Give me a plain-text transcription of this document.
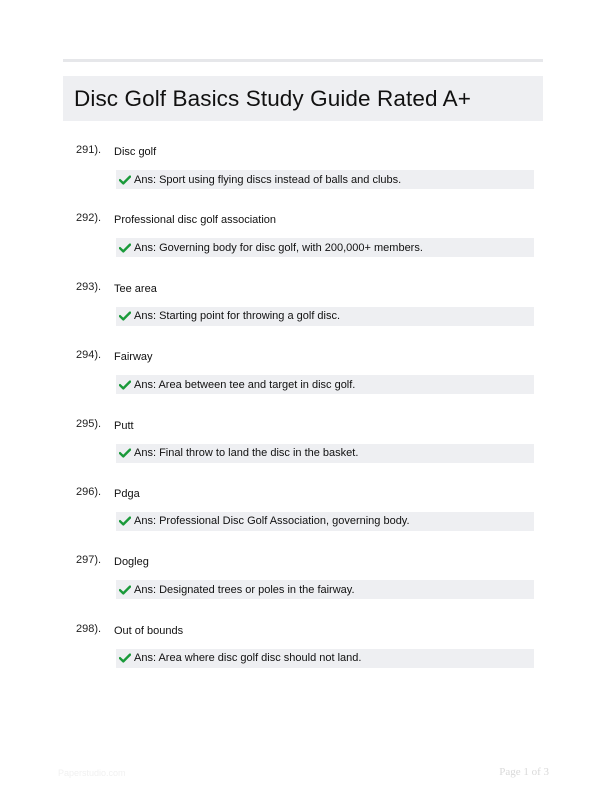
Disc Golf Basics Study Guide Rated A+
291). Disc golf
Ans: Sport using flying discs instead of balls and clubs.
292). Professional disc golf association
Ans: Governing body for disc golf, with 200,000+ members.
293). Tee area
Ans: Starting point for throwing a golf disc.
294). Fairway
Ans: Area between tee and target in disc golf.
295). Putt
Ans: Final throw to land the disc in the basket.
296). Pdga
Ans: Professional Disc Golf Association, governing body.
297). Dogleg
Ans: Designated trees or poles in the fairway.
298). Out of bounds
Ans: Area where disc golf disc should not land.
Paperstudio.com	Page 1 of 3
